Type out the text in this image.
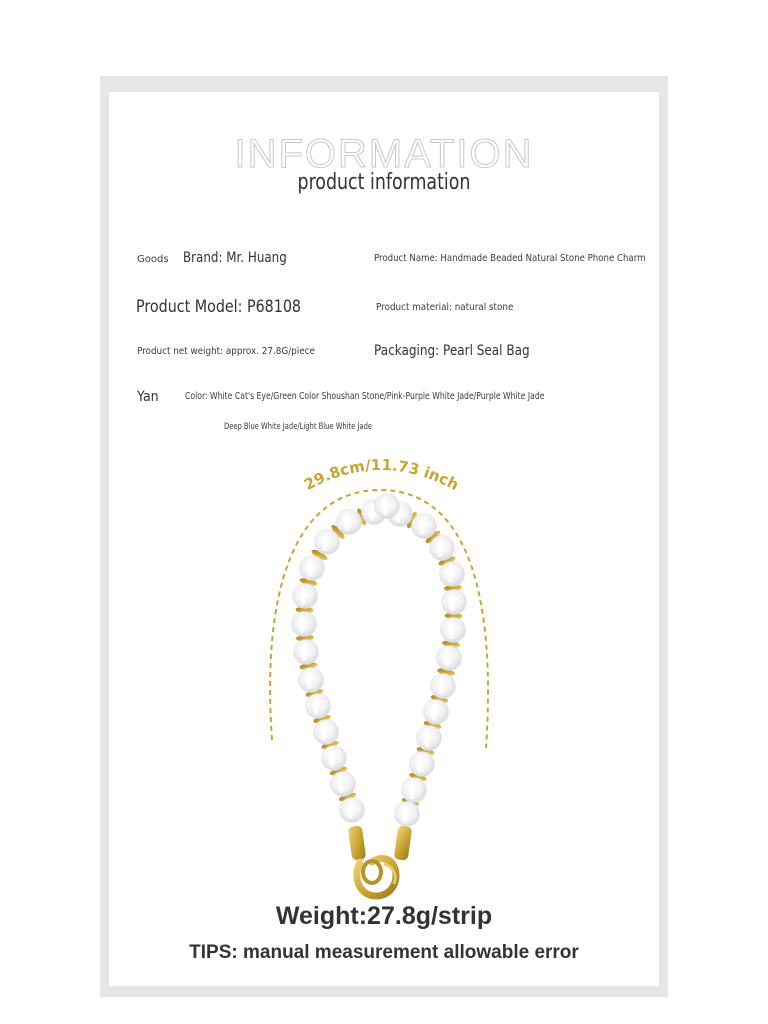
INFORMATION
product information
Goods Brand: Mr. Huang	Product Name: Handmade Beaded Natural Stone Phone Charm
Product Model: P68108	Product material: natural stone
Product net weight: approx. 27.8G/piece	Packaging: Pearl Seal Bag
Yan	Color: White Cat's Eye/Green Color Shoushan Stone/Pink-Purple White Jade/Purple White Jade
Deep Blue White Jade/Light Blue White Jade
Weight:27.8g/strip
TIPS: manual measurement allowable error
29.8cm/11.73 inch
